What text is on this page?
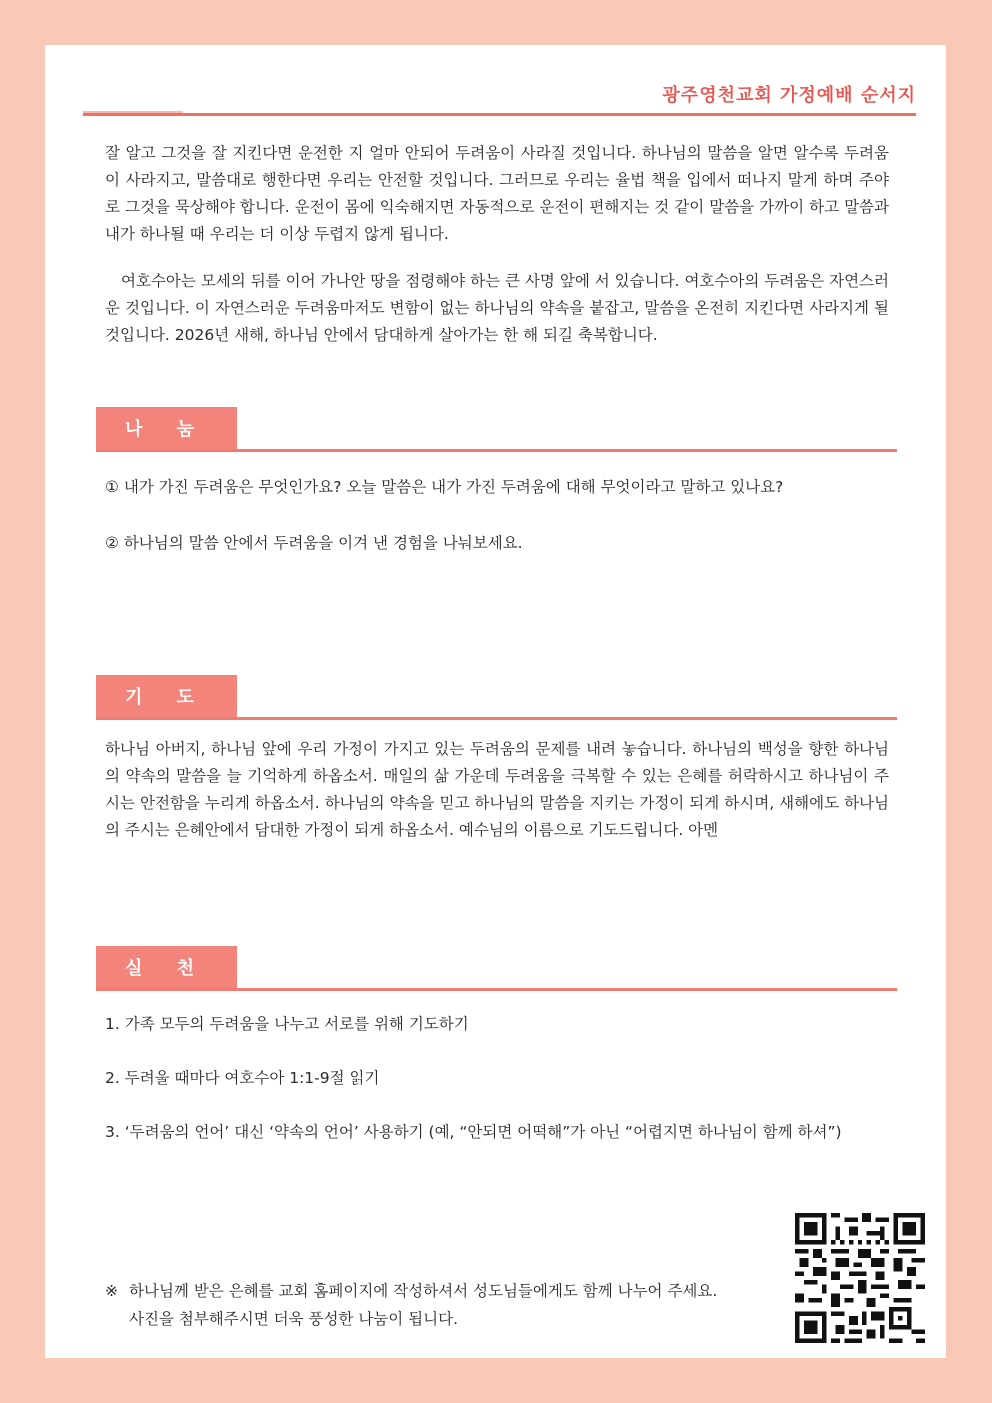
광주영천교회 가정예배 순서지

잘 알고 그것을 잘 지킨다면 운전한 지 얼마 안되어 두려움이 사라질 것입니다. 하나님의 말씀을 알면 알수록 두려움이 사라지고, 말씀대로 행한다면 우리는 안전할 것입니다. 그러므로 우리는 율법 책을 입에서 떠나지 말게 하며 주야로 그것을 묵상해야 합니다. 운전이 몸에 익숙해지면 자동적으로 운전이 편해지는 것 같이 말씀을 가까이 하고 말씀과 내가 하나될 때 우리는 더 이상 두렵지 않게 됩니다.

여호수아는 모세의 뒤를 이어 가나안 땅을 점령해야 하는 큰 사명 앞에 서 있습니다. 여호수아의 두려움은 자연스러운 것입니다. 이 자연스러운 두려움마저도 변함이 없는 하나님의 약속을 붙잡고, 말씀을 온전히 지킨다면 사라지게 될 것입니다. 2026년 새해, 하나님 안에서 담대하게 살아가는 한 해 되길 축복합니다.

나 눔

① 내가 가진 두려움은 무엇인가요? 오늘 말씀은 내가 가진 두려움에 대해 무엇이라고 말하고 있나요?

② 하나님의 말씀 안에서 두려움을 이겨 낸 경험을 나눠보세요.

기 도

하나님 아버지, 하나님 앞에 우리 가정이 가지고 있는 두려움의 문제를 내려 놓습니다. 하나님의 백성을 향한 하나님의 약속의 말씀을 늘 기억하게 하옵소서. 매일의 삶 가운데 두려움을 극복할 수 있는 은혜를 허락하시고 하나님이 주시는 안전함을 누리게 하옵소서. 하나님의 약속을 믿고 하나님의 말씀을 지키는 가정이 되게 하시며, 새해에도 하나님의 주시는 은혜안에서 담대한 가정이 되게 하옵소서. 예수님의 이름으로 기도드립니다. 아멘

실 천

1. 가족 모두의 두려움을 나누고 서로를 위해 기도하기

2. 두려울 때마다 여호수아 1:1-9절 읽기

3. ‘두려움의 언어’ 대신 ‘약속의 언어’ 사용하기 (예, “안되면 어떡해”가 아닌 “어렵지면 하나님이 함께 하셔”)

※ 하나님께 받은 은혜를 교회 홈페이지에 작성하셔서 성도님들에게도 함께 나누어 주세요.
사진을 첨부해주시면 더욱 풍성한 나눔이 됩니다.
